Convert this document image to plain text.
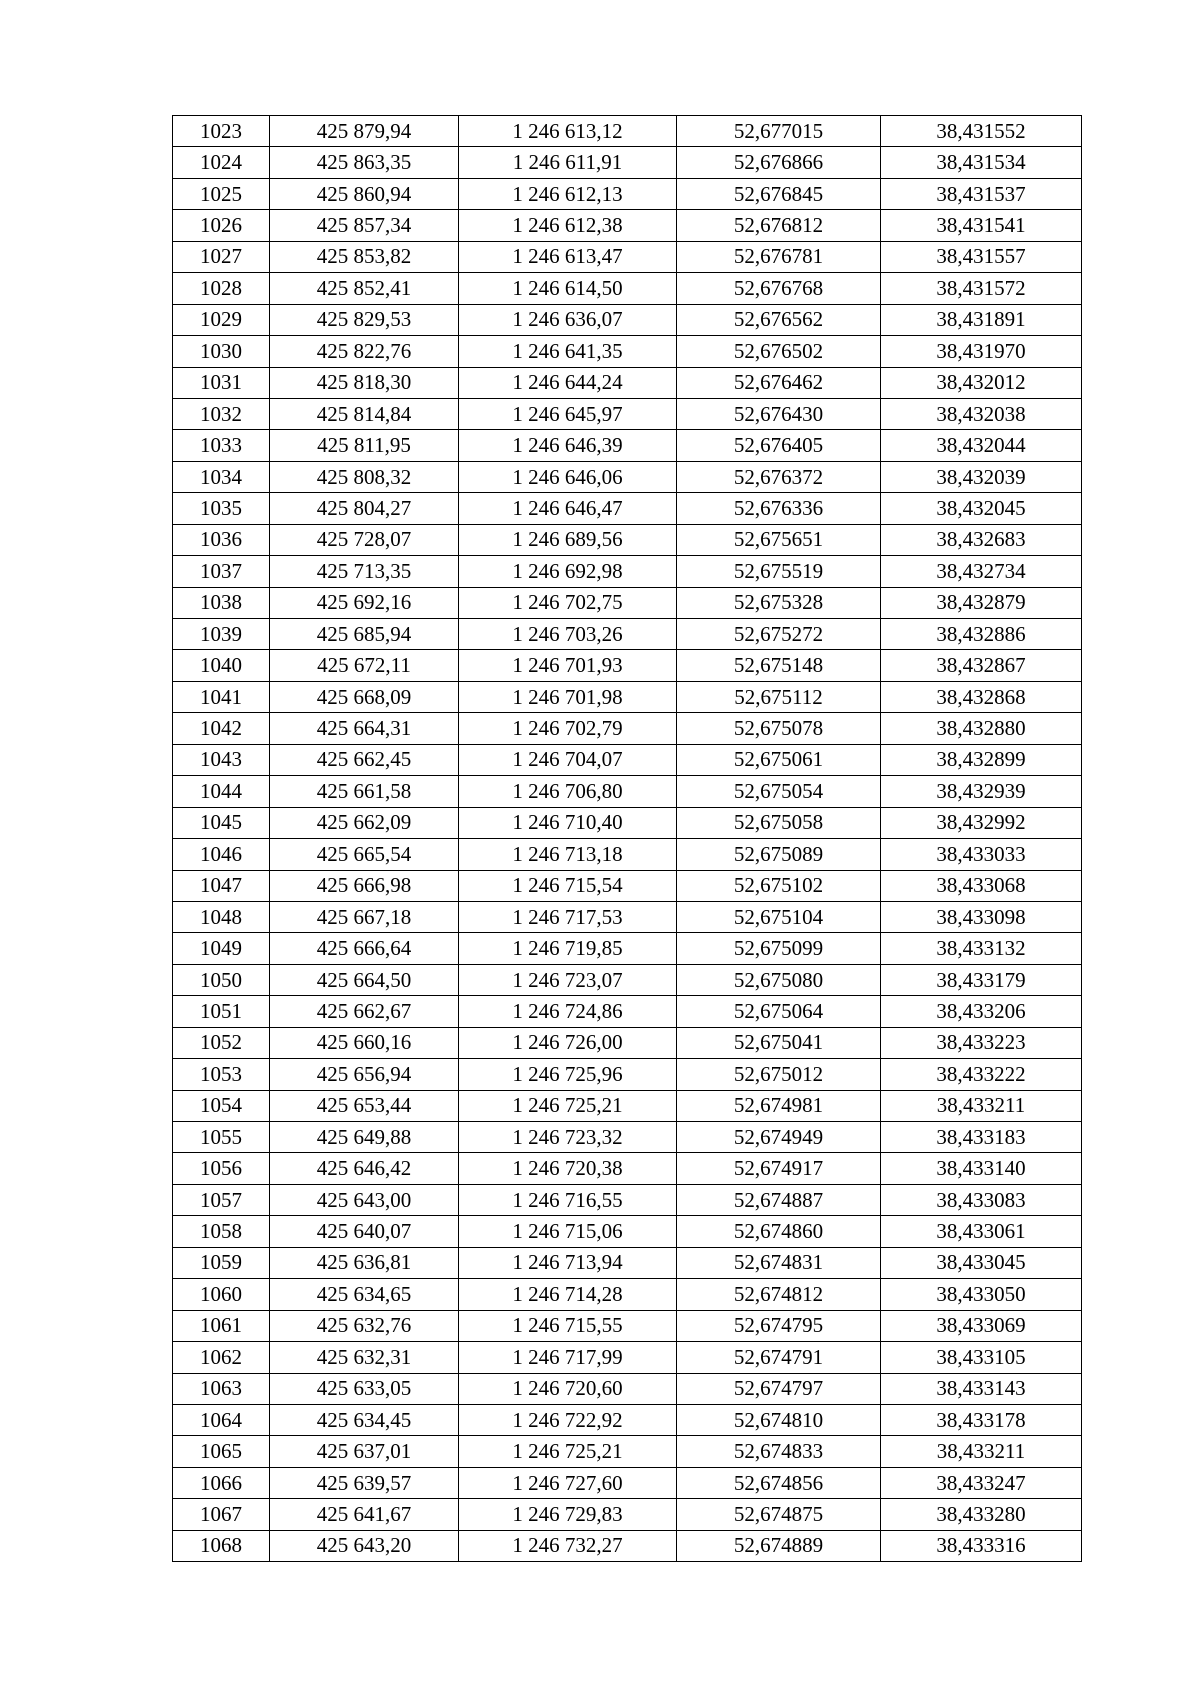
1023	425 879,94	1 246 613,12	52,677015	38,431552
1024	425 863,35	1 246 611,91	52,676866	38,431534
1025	425 860,94	1 246 612,13	52,676845	38,431537
1026	425 857,34	1 246 612,38	52,676812	38,431541
1027	425 853,82	1 246 613,47	52,676781	38,431557
1028	425 852,41	1 246 614,50	52,676768	38,431572
1029	425 829,53	1 246 636,07	52,676562	38,431891
1030	425 822,76	1 246 641,35	52,676502	38,431970
1031	425 818,30	1 246 644,24	52,676462	38,432012
1032	425 814,84	1 246 645,97	52,676430	38,432038
1033	425 811,95	1 246 646,39	52,676405	38,432044
1034	425 808,32	1 246 646,06	52,676372	38,432039
1035	425 804,27	1 246 646,47	52,676336	38,432045
1036	425 728,07	1 246 689,56	52,675651	38,432683
1037	425 713,35	1 246 692,98	52,675519	38,432734
1038	425 692,16	1 246 702,75	52,675328	38,432879
1039	425 685,94	1 246 703,26	52,675272	38,432886
1040	425 672,11	1 246 701,93	52,675148	38,432867
1041	425 668,09	1 246 701,98	52,675112	38,432868
1042	425 664,31	1 246 702,79	52,675078	38,432880
1043	425 662,45	1 246 704,07	52,675061	38,432899
1044	425 661,58	1 246 706,80	52,675054	38,432939
1045	425 662,09	1 246 710,40	52,675058	38,432992
1046	425 665,54	1 246 713,18	52,675089	38,433033
1047	425 666,98	1 246 715,54	52,675102	38,433068
1048	425 667,18	1 246 717,53	52,675104	38,433098
1049	425 666,64	1 246 719,85	52,675099	38,433132
1050	425 664,50	1 246 723,07	52,675080	38,433179
1051	425 662,67	1 246 724,86	52,675064	38,433206
1052	425 660,16	1 246 726,00	52,675041	38,433223
1053	425 656,94	1 246 725,96	52,675012	38,433222
1054	425 653,44	1 246 725,21	52,674981	38,433211
1055	425 649,88	1 246 723,32	52,674949	38,433183
1056	425 646,42	1 246 720,38	52,674917	38,433140
1057	425 643,00	1 246 716,55	52,674887	38,433083
1058	425 640,07	1 246 715,06	52,674860	38,433061
1059	425 636,81	1 246 713,94	52,674831	38,433045
1060	425 634,65	1 246 714,28	52,674812	38,433050
1061	425 632,76	1 246 715,55	52,674795	38,433069
1062	425 632,31	1 246 717,99	52,674791	38,433105
1063	425 633,05	1 246 720,60	52,674797	38,433143
1064	425 634,45	1 246 722,92	52,674810	38,433178
1065	425 637,01	1 246 725,21	52,674833	38,433211
1066	425 639,57	1 246 727,60	52,674856	38,433247
1067	425 641,67	1 246 729,83	52,674875	38,433280
1068	425 643,20	1 246 732,27	52,674889	38,433316
